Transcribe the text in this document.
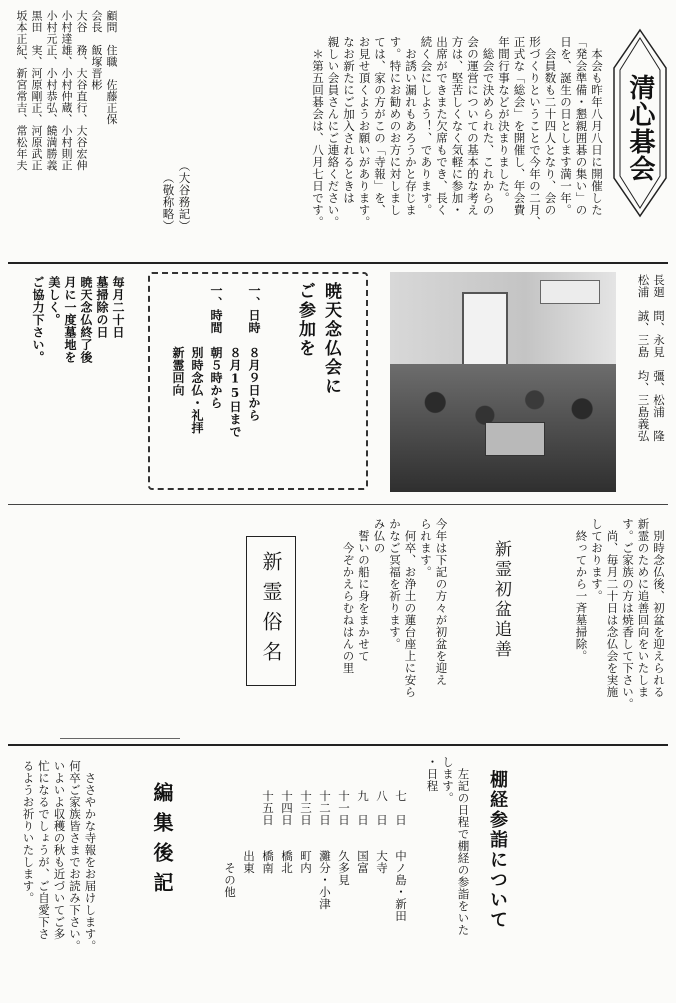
清心碁会
　本会も昨年八月八日に開催した
「発会準備・懇親囲碁の集い」の
日を、誕生の日とします満一年。
　会員数も二十四人となり、会の
形づくりということで今年の二月、
正式な「総会」を開催し、年会費
年間行事などが決まりました。
　総会で決められた、これからの
会の運営についての基本的な考え
方は、堅苦しくなく気軽に参加・
出席ができまた欠席もでき、長く
続く会にしよう！、であります。
　お誘い漏れもあろうかと存じま
す。特にお勧めのお方に対しまし
ては、家の方がこの「寺報」を、
お見せ頂くようお願いがあります。
なお新たにご加入されるときは
親しい会員さんにご連絡ください。
　＊第五回碁会は、八月七日です。
（大谷務記）
（敬称略）
顧問　住職　佐藤正保
会長　飯塚晋彬
大谷　務、大谷直行、大谷宏伸
小村達雄、小村仲蔵、小村則正
小村元正、小村恭弘、饒満勝義
黒田　実、河原剛正、河原武正
坂本正紀、新宮常吉、常松年夫
長廻　問、永見　彊、松浦　隆
松浦　誠、三島　均、三島義弘
暁天念仏会に
ご参加を
一、日時　８月９日から
　　　　　８月15日まで
一、時間　朝５時から
　　　　　別時念仏・礼拝
　　　　　新霊回向
毎月二十日
墓掃除の日
暁天念仏終了後
月に一度墓地を
美しく。
ご協力下さい。
　別時念仏後、初盆を迎えられる
新霊のために追善回向をいたしま
す。ご家族の方は焼香して下さい。
　尚、毎月二十日は念仏会を実施
しております。
　終ってから一斉墓掃除。
新霊初盆追善
今年は下記の方々が初盆を迎え
られます。
　何卒、お浄土の蓮台座上に安ら
かなご冥福を祈ります。
み仏の
　誓いの船に身をまかせて
　　今ぞかえらむねはんの里
新霊俗名
棚経参詣について
　左記の日程で棚経の参詣をいた
します。
・日程
七　日　　中ノ島・新田
八　日　　大寺
九　日　　国富
十一日　　久多見
十二日　　灘分・小津
十三日　　町内
十四日　　橋北
十五日　　橋南
　　　　　出東
　　　　　　その他
編集後記
　ささやかな寺報をお届けします。
何卒ご家族皆さまでお読み下さい。
いよいよ収穫の秋も近づいてご多
忙になるでしょうが、ご自愛下さ
るようお祈りいたします。
